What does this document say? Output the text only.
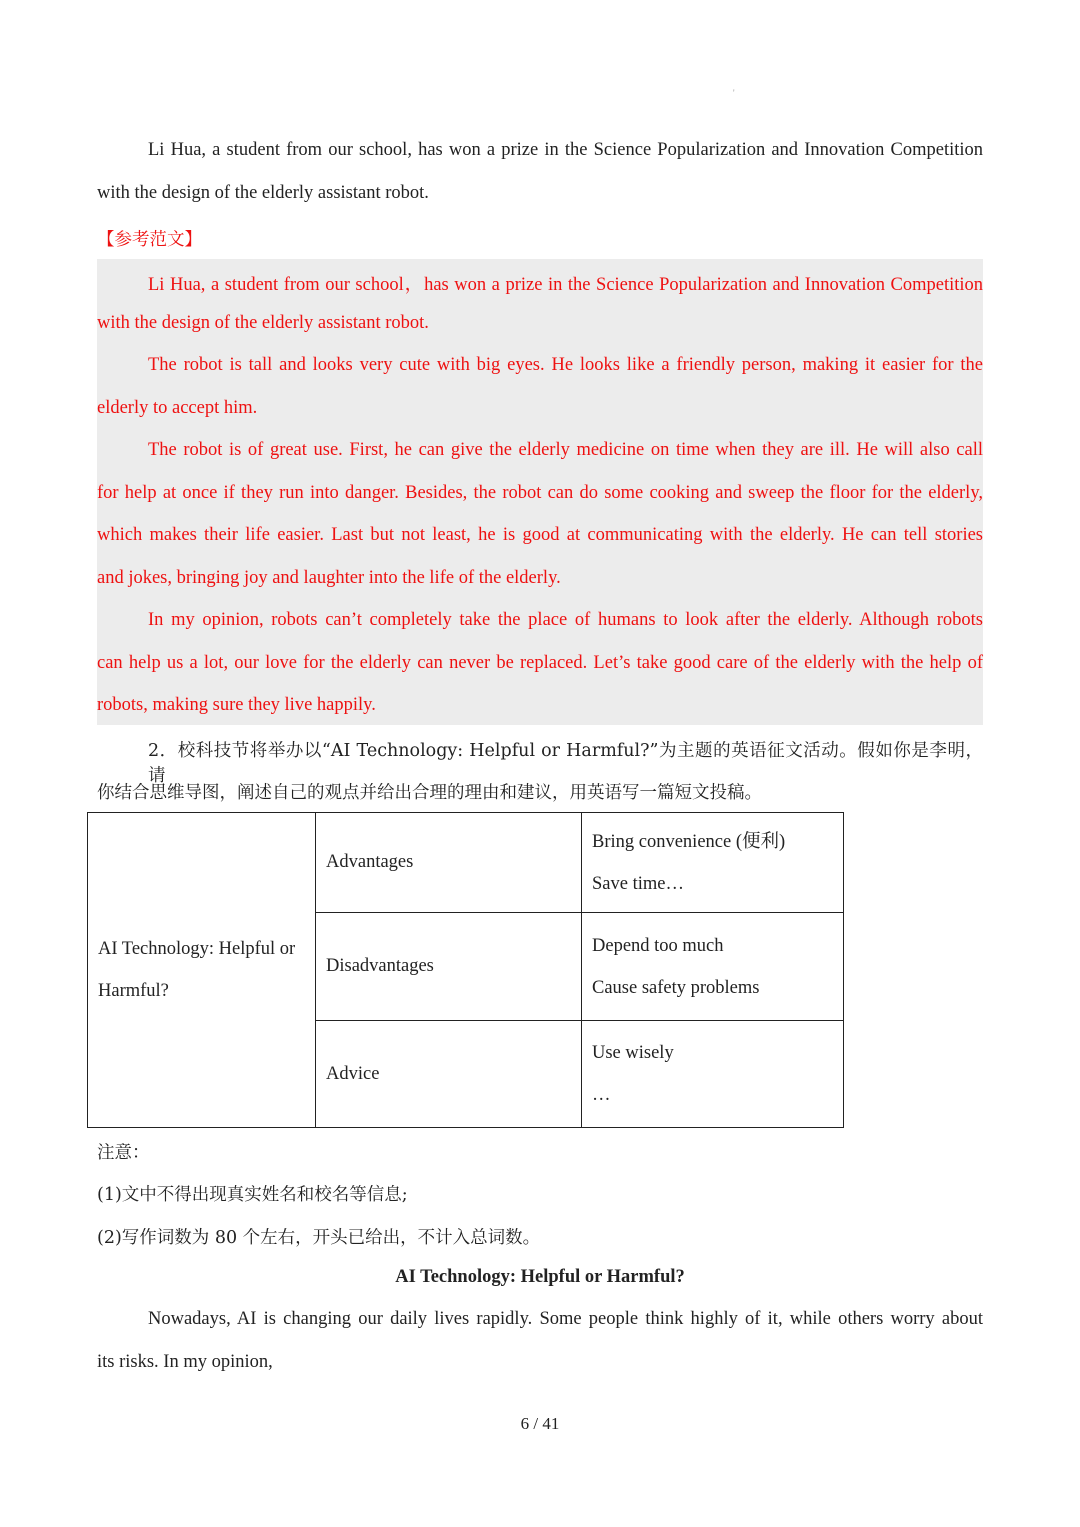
'
Li Hua, a student from our school, has won a prize in the Science Popularization and Innovation Competition
with the design of the elderly assistant robot.
【参考范文】
Li Hua, a student from our school，has won a prize in the Science Popularization and Innovation Competition
with the design of the elderly assistant robot.
The robot is tall and looks very cute with big eyes. He looks like a friendly person, making it easier for the
elderly to accept him.
The robot is of great use. First, he can give the elderly medicine on time when they are ill. He will also call
for help at once if they run into danger. Besides, the robot can do some cooking and sweep the floor for the elderly,
which makes their life easier. Last but not least, he is good at communicating with the elderly. He can tell stories
and jokes, bringing joy and laughter into the life of the elderly.
In my opinion, robots can’t completely take the place of humans to look after the elderly. Although robots
can help us a lot, our love for the elderly can never be replaced. Let’s take good care of the elderly with the help of
robots, making sure they live happily.
2．校科技节将举办以“AI Technology: Helpful or Harmful?”为主题的英语征文活动。假如你是李明，请
你结合思维导图，阐述自己的观点并给出合理的理由和建议，用英语写一篇短文投稿。
AI Technology: Helpful or
Harmful?	Advantages	Bring convenience (便利)
Save time…

	Disadvantages	Depend too much
Cause safety problems

	Advice	Use wisely
…
注意：
(1)文中不得出现真实姓名和校名等信息;
(2)写作词数为 80 个左右，开头已给出，不计入总词数。
AI Technology: Helpful or Harmful?
Nowadays, AI is changing our daily lives rapidly. Some people think highly of it, while others worry about
its risks. In my opinion,
6 / 41
